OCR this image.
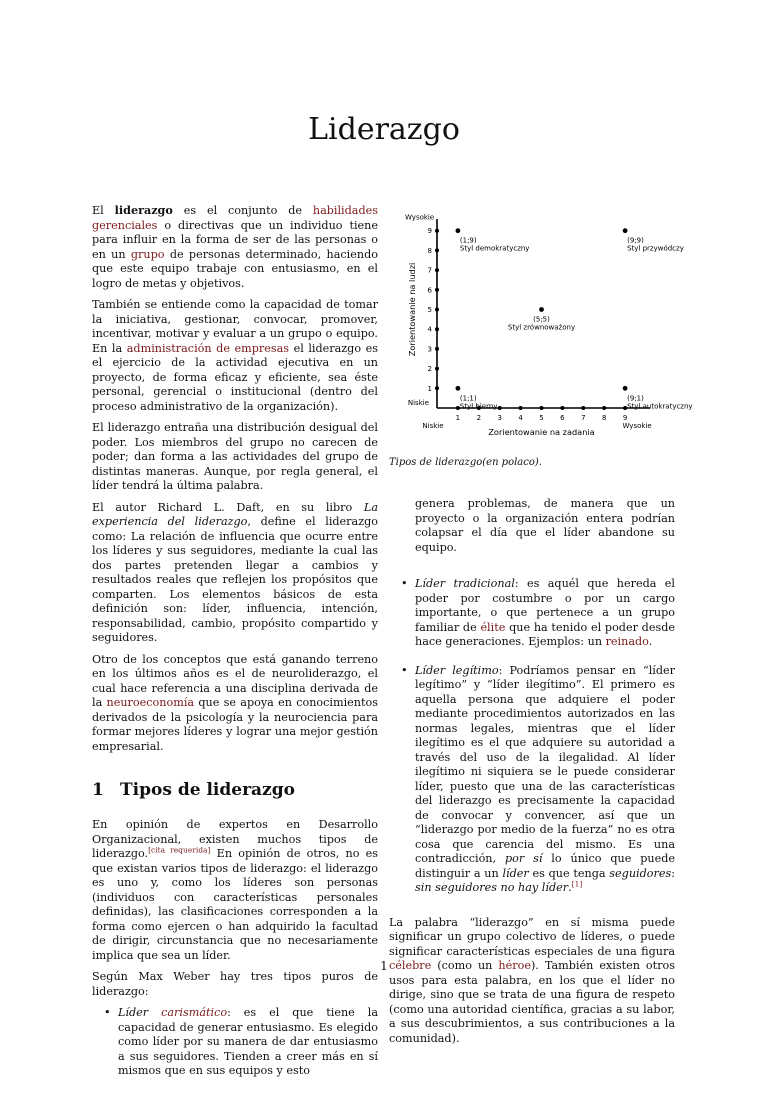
Liderazgo

El liderazgo es el conjunto de habilidades gerenciales o directivas que un individuo tiene para influir en la forma de ser de las personas o en un grupo de personas determinado, haciendo que este equipo trabaje con entusiasmo, en el logro de metas y objetivos.

También se entiende como la capacidad de tomar la iniciativa, gestionar, convocar, promover, incentivar, motivar y evaluar a un grupo o equipo. En la administración de empresas el liderazgo es el ejercicio de la actividad ejecutiva en un proyecto, de forma eficaz y eficiente, sea éste personal, gerencial o institucional (dentro del proceso administrativo de la organización).

El liderazgo entraña una distribución desigual del poder. Los miembros del grupo no carecen de poder; dan forma a las actividades del grupo de distintas maneras. Aunque, por regla general, el líder tendrá la última palabra.

El autor Richard L. Daft, en su libro La experiencia del liderazgo, define el liderazgo como: La relación de influencia que ocurre entre los líderes y sus seguidores, mediante la cual las dos partes pretenden llegar a cambios y resultados reales que reflejen los propósitos que comparten. Los elementos básicos de esta definición son: líder, influencia, intención, responsabilidad, cambio, propósito compartido y seguidores.

Otro de los conceptos que está ganando terreno en los últimos años es el de neuroliderazgo, el cual hace referencia a una disciplina derivada de la neuroeconomía que se apoya en conocimientos derivados de la psicología y la neurociencia para formar mejores líderes y lograr una mejor gestión empresarial.

1 Tipos de liderazgo

En opinión de expertos en Desarrollo Organizacional, existen muchos tipos de liderazgo.[cita requerida] En opinión de otros, no es que existan varios tipos de liderazgo: el liderazgo es uno y, como los líderes son personas (individuos con características personales definidas), las clasificaciones corresponden a la forma como ejercen o han adquirido la facultad de dirigir, circunstancia que no necesariamente implica que sea un líder.

Según Max Weber hay tres tipos puros de liderazgo:

• Líder carismático: es el que tiene la capacidad de generar entusiasmo. Es elegido como líder por su manera de dar entusiasmo a sus seguidores. Tienden a creer más en sí mismos que en sus equipos y esto
1
1
2
2
3
3
4
4
5
5
6
6
7
7
8
8
9
9
Niskie	Wysokie
Niskie
Wysokie
Zorientowanie na zadania
Zorientowanie na ludzi
(1;9)
Styl demokratyczny
(9;9)
Styl przywódczy
(5;5)
Styl zrównoważony
(1;1)
Styl bierny
(9;1)
Styl autokratyczny
Tipos de liderazgo(en polaco).

genera problemas, de manera que un proyecto o la organización entera podrían colapsar el día que el líder abandone su equipo.

• Líder tradicional: es aquél que hereda el poder por costumbre o por un cargo importante, o que pertenece a un grupo familiar de élite que ha tenido el poder desde hace generaciones. Ejemplos: un reinado.
• Líder legítimo: Podríamos pensar en “líder legítimo” y “líder ilegítimo”. El primero es aquella persona que adquiere el poder mediante procedimientos autorizados en las normas legales, mientras que el líder ilegítimo es el que adquiere su autoridad a través del uso de la ilegalidad. Al líder ilegítimo ni siquiera se le puede considerar líder, puesto que una de las características del liderazgo es precisamente la capacidad de convocar y convencer, así que un “liderazgo por medio de la fuerza” no es otra cosa que carencia del mismo. Es una contradicción, por sí lo único que puede distinguir a un líder es que tenga seguidores: sin seguidores no hay líder.[1]

La palabra “liderazgo” en sí misma puede significar un grupo colectivo de líderes, o puede significar características especiales de una figura célebre (como un héroe). También existen otros usos para esta palabra, en los que el líder no dirige, sino que se trata de una figura de respeto (como una autoridad científica, gracias a su labor, a sus descubrimientos, a sus contribuciones a la comunidad).

1
